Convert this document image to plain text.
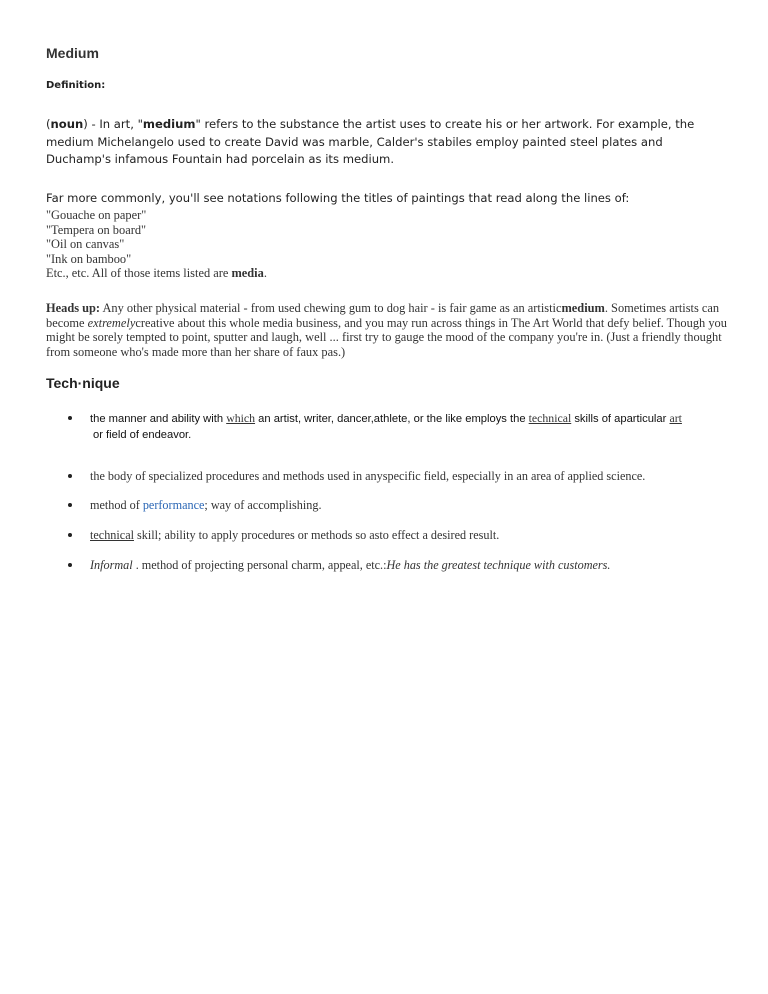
Medium
Definition:
(noun) - In art, "medium" refers to the substance the artist uses to create his or her artwork. For example, the medium Michelangelo used to create David was marble, Calder's stabiles employ painted steel plates and Duchamp's infamous Fountain had porcelain as its medium.
Far more commonly, you'll see notations following the titles of paintings that read along the lines of:
"Gouache on paper"
"Tempera on board"
"Oil on canvas"
"Ink on bamboo"
Etc., etc. All of those items listed are media.
Heads up: Any other physical material - from used chewing gum to dog hair - is fair game as an artisticmedium. Sometimes artists can become extremelycreative about this whole media business, and you may run across things in The Art World that defy belief. Though you might be sorely tempted to point, sputter and laugh, well ... first try to gauge the mood of the company you're in. (Just a friendly thought from someone who's made more than her share of faux pas.)
Tech·nique
the manner and ability with which an artist, writer, dancer,athlete, or the like employs the technical skills of aparticular art
or field of endeavor.
the body of specialized procedures and methods used in anyspecific field, especially in an area of applied science.
method of performance; way of accomplishing.
technical skill; ability to apply procedures or methods so asto effect a desired result.
Informal . method of projecting personal charm, appeal, etc.:He has the greatest technique with customers.
